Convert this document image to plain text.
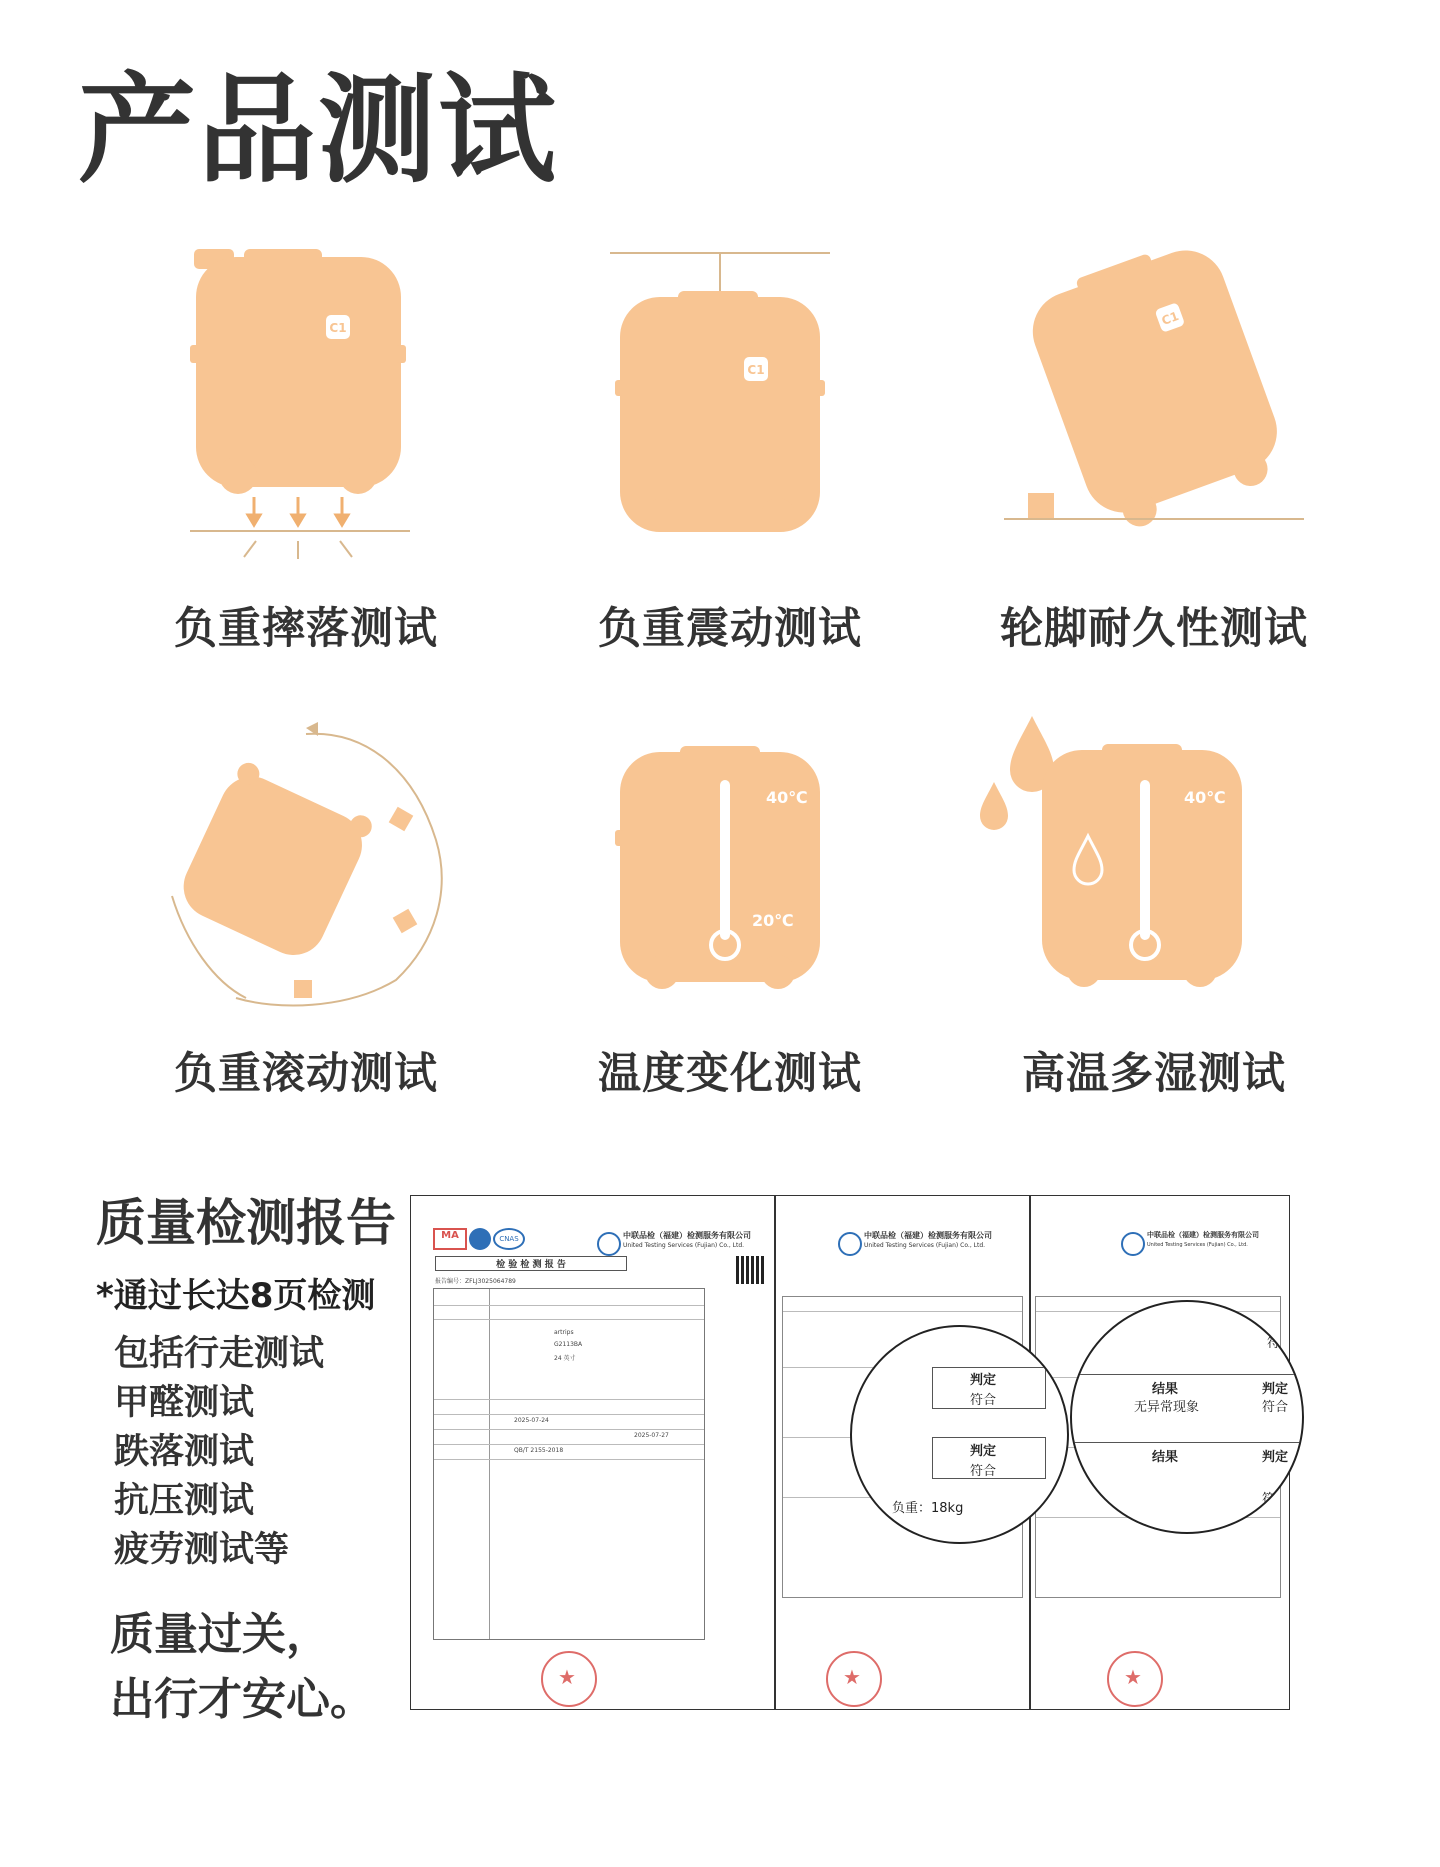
产品测试
C1
负重摔落测试
C1
负重震动测试
C1
轮脚耐久性测试
负重滚动测试
40℃
20℃
温度变化测试
40℃
高温多湿测试
质量检测报告
*通过长达8页检测
包括行走测试
甲醛测试
跌落测试
抗压测试
疲劳测试等
质量过关，
出行才安心。
MA	CNAS	中联品检（福建）检测服务有限公司
United Testing Services (Fujian) Co., Ltd.
检 验 检 测 报 告
报告编号：ZFLJ3025064789
artrips
G2113BA
24 英寸
2025-07-24
2025-07-27
QB/T 2155-2018
★
中联品检（福建）检测服务有限公司
United Testing Services (Fujian) Co., Ltd.
★
中联品检（福建）检测服务有限公司
United Testing Services (Fujian) Co., Ltd.
★
判定
符合
判定
符合
负重：18kg
符合
结果	判定
无异常现象	符合
结果	判定
符合
